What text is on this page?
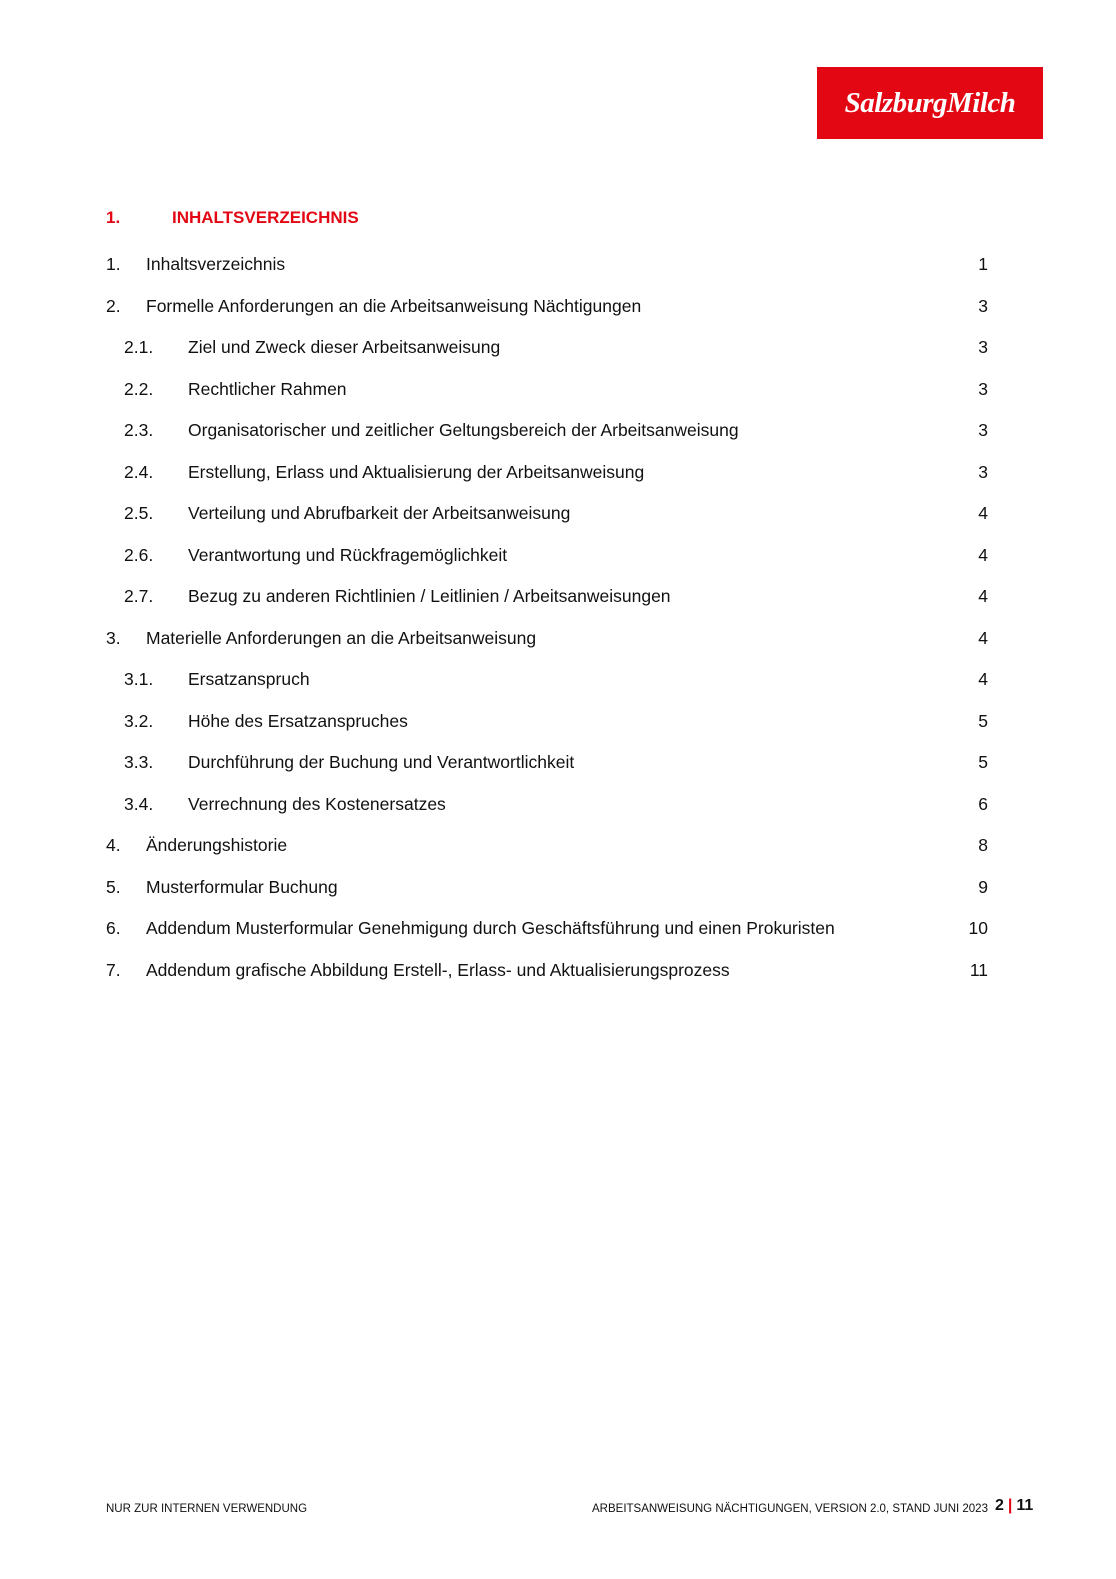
SalzburgMilch
1.	INHALTSVERZEICHNIS
1. Inhaltsverzeichnis	1
2. Formelle Anforderungen an die Arbeitsanweisung Nächtigungen	3
2.1. Ziel und Zweck dieser Arbeitsanweisung	3
2.2. Rechtlicher Rahmen	3
2.3. Organisatorischer und zeitlicher Geltungsbereich der Arbeitsanweisung	3
2.4. Erstellung, Erlass und Aktualisierung der Arbeitsanweisung	3
2.5. Verteilung und Abrufbarkeit der Arbeitsanweisung	4
2.6. Verantwortung und Rückfragemöglichkeit	4
2.7. Bezug zu anderen Richtlinien / Leitlinien / Arbeitsanweisungen	4
3. Materielle Anforderungen an die Arbeitsanweisung	4
3.1. Ersatzanspruch	4
3.2. Höhe des Ersatzanspruches	5
3.3. Durchführung der Buchung und Verantwortlichkeit	5
3.4. Verrechnung des Kostenersatzes	6
4. Änderungshistorie	8
5. Musterformular Buchung	9
6. Addendum Musterformular Genehmigung durch Geschäftsführung und einen Prokuristen	10
7. Addendum grafische Abbildung Erstell-, Erlass- und Aktualisierungsprozess	11
NUR ZUR INTERNEN VERWENDUNG	ARBEITSANWEISUNG NÄCHTIGUNGEN, VERSION 2.0, STAND JUNI 2023 2 | 11
